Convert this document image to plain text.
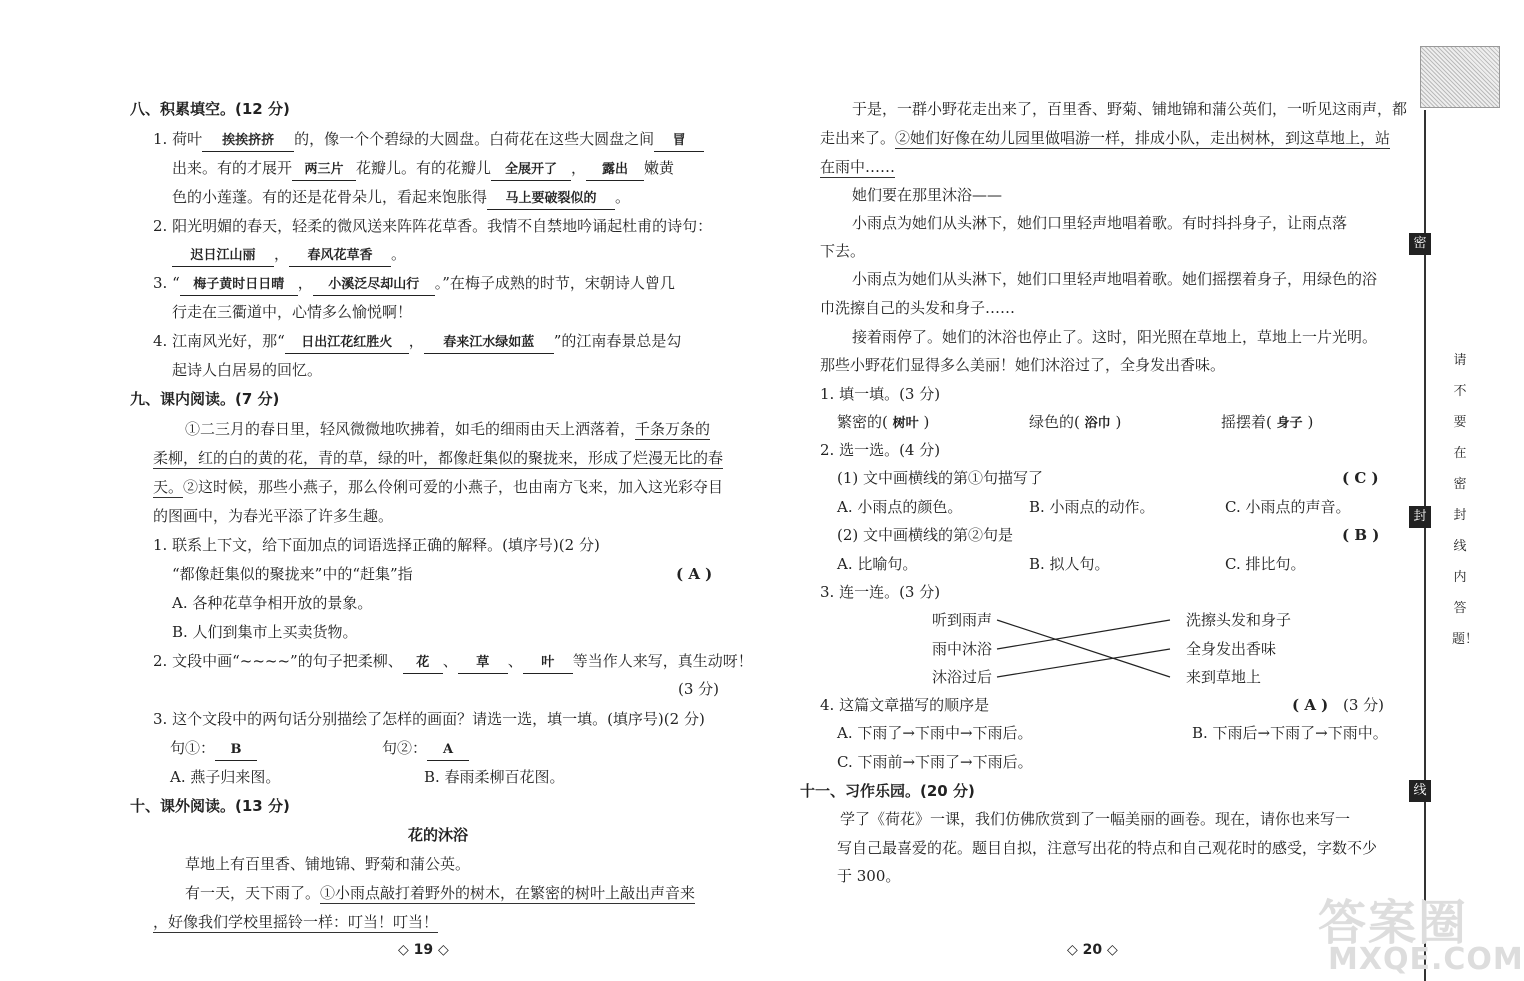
八、积累填空。(12 分)
1. 荷叶 挨挨挤挤 的，像一个个碧绿的大圆盘。白荷花在这些大圆盘之间 冒
出来。有的才展开 两三片 花瓣儿。有的花瓣儿 全展开了 ， 露出 嫩黄
色的小莲蓬。有的还是花骨朵儿，看起来饱胀得 马上要破裂似的 。
2. 阳光明媚的春天，轻柔的微风送来阵阵花草香。我情不自禁地吟诵起杜甫的诗句：
迟日江山丽 ， 春风花草香 。
3. “ 梅子黄时日日晴 ， 小溪泛尽却山行 。”在梅子成熟的时节，宋朝诗人曾几
行走在三衢道中，心情多么愉悦啊！
4. 江南风光好，那“ 日出江花红胜火 ， 春来江水绿如蓝 ”的江南春景总是勾
起诗人白居易的回忆。
九、课内阅读。(7 分)
①二三月的春日里，轻风微微地吹拂着，如毛的细雨由天上洒落着，千条万条的
柔柳，红的白的黄的花，青的草，绿的叶，都像赶集似的聚拢来，形成了烂漫无比的春
天。②这时候，那些小燕子，那么伶俐可爱的小燕子，也由南方飞来，加入这光彩夺目
的图画中，为春光平添了许多生趣。
1. 联系上下文，给下面加点的词语选择正确的解释。(填序号)(2 分)
“都像赶集似的聚拢来”中的“赶集”指	( A )
A. 各种花草争相开放的景象。
B. 人们到集市上买卖货物。
2. 文段中画“~~~~”的句子把柔柳、 花 、 草 、 叶 等当作人来写，真生动呀！
(3 分)
3. 这个文段中的两句话分别描绘了怎样的画面？请选一选，填一填。(填序号)(2 分)
句①： B	句②： A
A. 燕子归来图。	B. 春雨柔柳百花图。
十、课外阅读。(13 分)
花的沐浴
草地上有百里香、铺地锦、野菊和蒲公英。
有一天，天下雨了。①小雨点敲打着野外的树木，在繁密的树叶上敲出声音来
，好像我们学校里摇铃一样：叮当！叮当！
◇ 19 ◇
于是，一群小野花走出来了，百里香、野菊、铺地锦和蒲公英们，一听见这雨声，都
走出来了。②她们好像在幼儿园里做唱游一样，排成小队，走出树林，到这草地上，站
在雨中……
她们要在那里沐浴——
小雨点为她们从头淋下，她们口里轻声地唱着歌。有时抖抖身子，让雨点落
下去。
小雨点为她们从头淋下，她们口里轻声地唱着歌。她们摇摆着身子，用绿色的浴
巾洗擦自己的头发和身子……
接着雨停了。她们的沐浴也停止了。这时，阳光照在草地上，草地上一片光明。
那些小野花们显得多么美丽！她们沐浴过了，全身发出香味。
1. 填一填。(3 分)
繁密的( 树叶 )	绿色的( 浴巾 )	摇摆着( 身子 )
2. 选一选。(4 分)
(1) 文中画横线的第①句描写了	( C )
A. 小雨点的颜色。	B. 小雨点的动作。	C. 小雨点的声音。
(2) 文中画横线的第②句是	( B )
A. 比喻句。	B. 拟人句。	C. 排比句。
3. 连一连。(3 分)
听到雨声
雨中沐浴
沐浴过后
洗擦头发和身子
全身发出香味
来到草地上
4. 这篇文章描写的顺序是	( A ) (3 分)
A. 下雨了→下雨中→下雨后。	B. 下雨后→下雨了→下雨中。
C. 下雨前→下雨了→下雨后。
十一、习作乐园。(20 分)
学了《荷花》一课，我们仿佛欣赏到了一幅美丽的画卷。现在，请你也来写一
写自己最喜爱的花。题目自拟，注意写出花的特点和自己观花时的感受，字数不少
于 300。
◇ 20 ◇
密
封
线
请不要在密封线内答题！
答案圈
MXQE.COM
